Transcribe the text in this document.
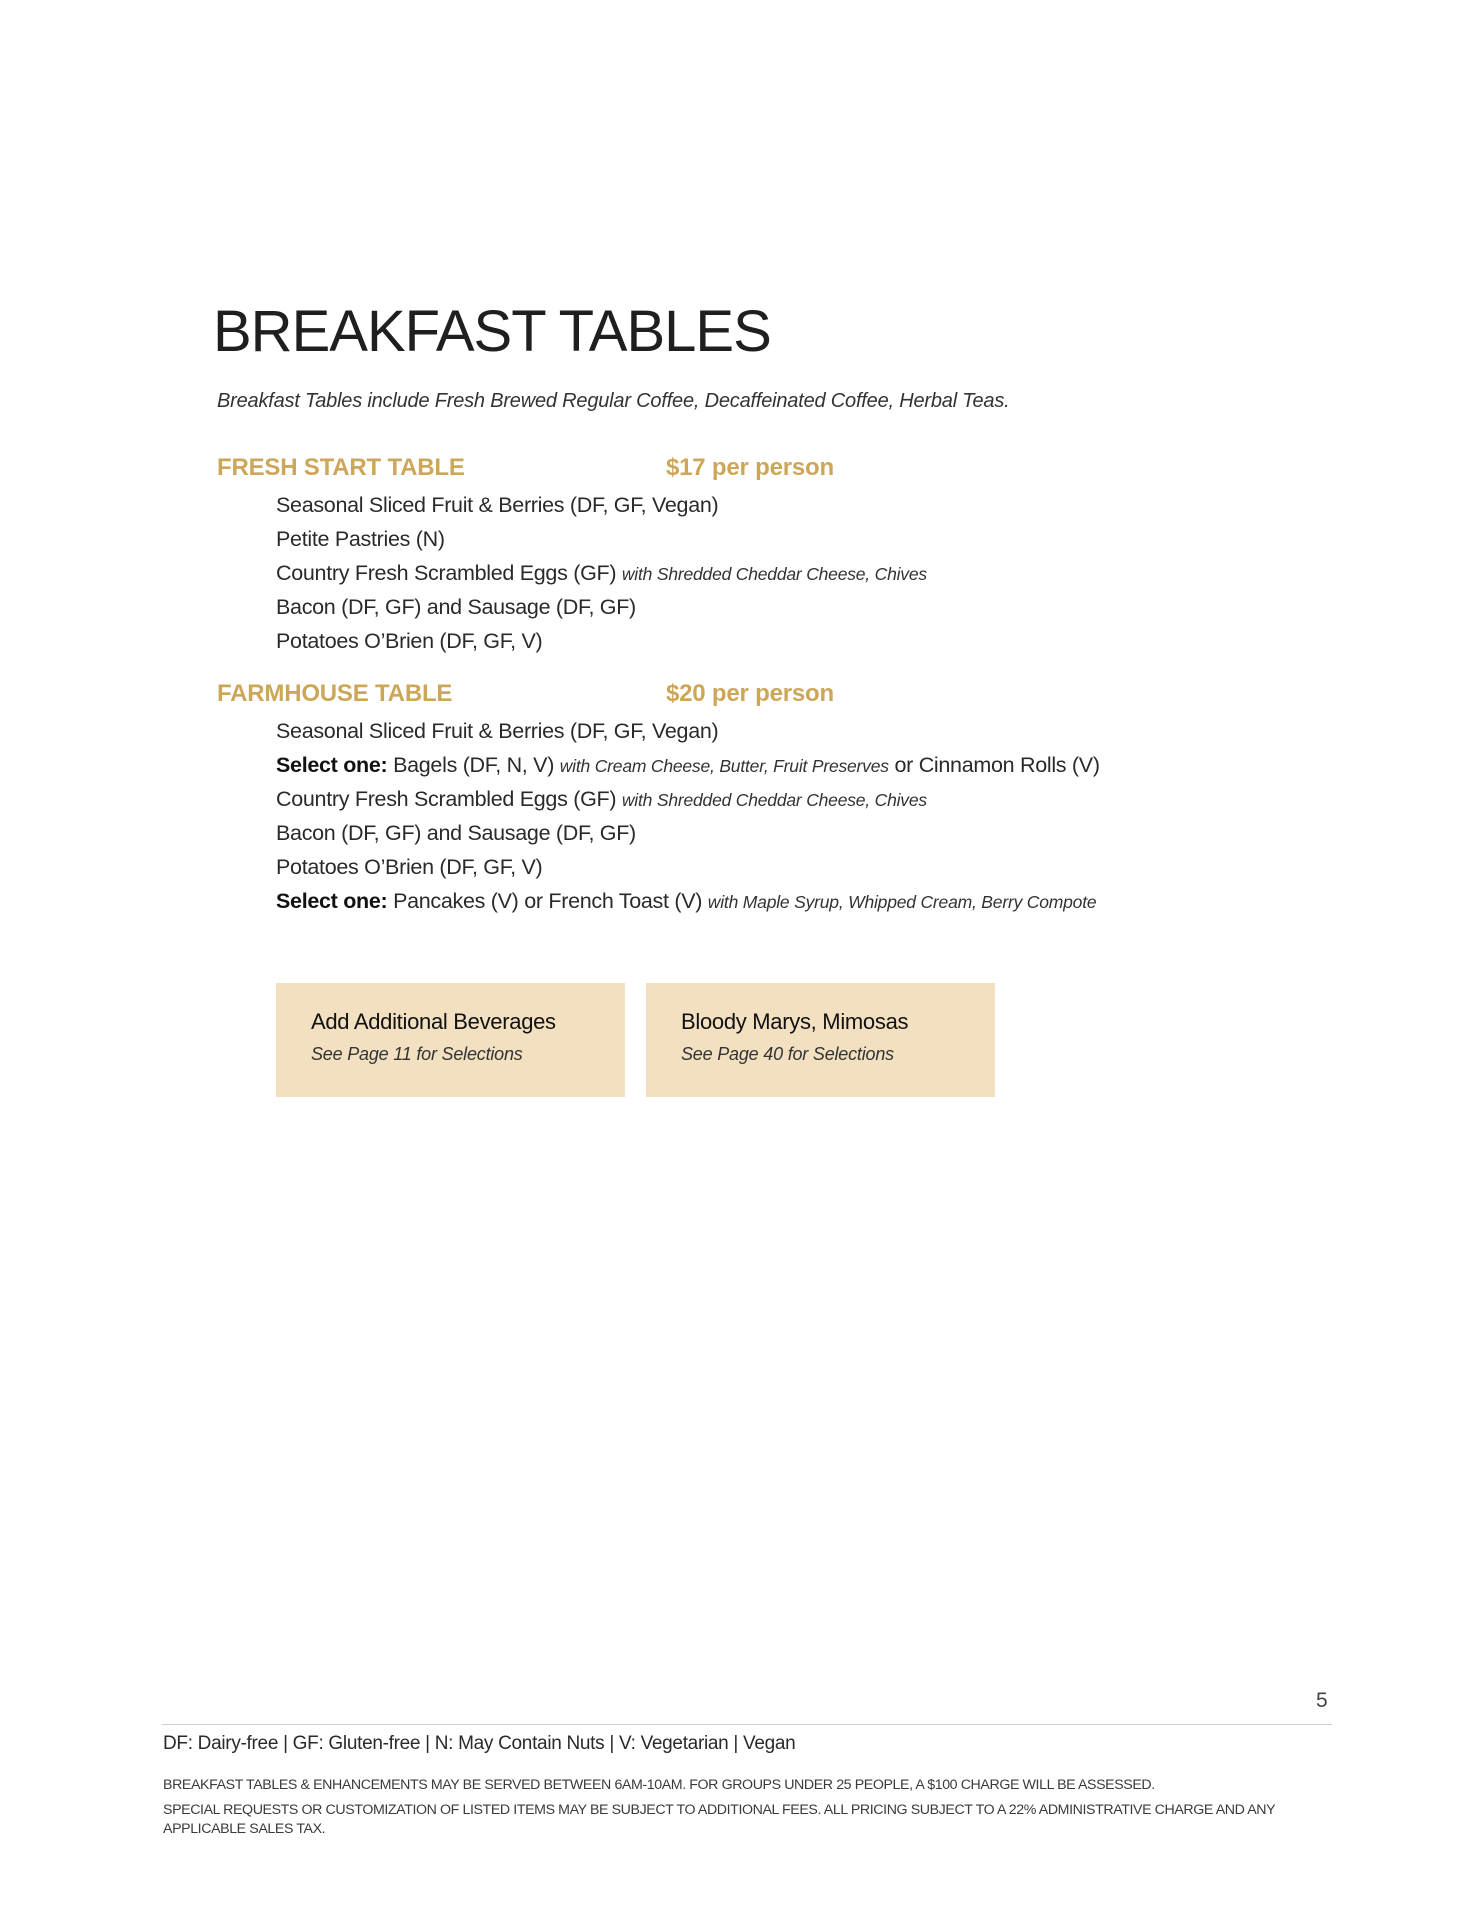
BREAKFAST TABLES
Breakfast Tables include Fresh Brewed Regular Coffee, Decaffeinated Coffee, Herbal Teas.
FRESH START TABLE	$17 per person
Seasonal Sliced Fruit & Berries (DF, GF, Vegan)
Petite Pastries (N)
Country Fresh Scrambled Eggs (GF) with Shredded Cheddar Cheese, Chives
Bacon (DF, GF) and Sausage (DF, GF)
Potatoes O’Brien (DF, GF, V)
FARMHOUSE TABLE	$20 per person
Seasonal Sliced Fruit & Berries (DF, GF, Vegan)
Select one: Bagels (DF, N, V) with Cream Cheese, Butter, Fruit Preserves or Cinnamon Rolls (V)
Country Fresh Scrambled Eggs (GF) with Shredded Cheddar Cheese, Chives
Bacon (DF, GF) and Sausage (DF, GF)
Potatoes O’Brien (DF, GF, V)
Select one: Pancakes (V) or French Toast (V) with Maple Syrup, Whipped Cream, Berry Compote
Add Additional Beverages
See Page 11 for Selections
Bloody Marys, Mimosas
See Page 40 for Selections
5
DF: Dairy-free | GF: Gluten-free | N: May Contain Nuts | V: Vegetarian | Vegan

BREAKFAST TABLES & ENHANCEMENTS MAY BE SERVED BETWEEN 6AM-10AM. FOR GROUPS UNDER 25 PEOPLE, A $100 CHARGE WILL BE ASSESSED.

SPECIAL REQUESTS OR CUSTOMIZATION OF LISTED ITEMS MAY BE SUBJECT TO ADDITIONAL FEES. ALL PRICING SUBJECT TO A 22% ADMINISTRATIVE CHARGE AND ANY APPLICABLE SALES TAX.
